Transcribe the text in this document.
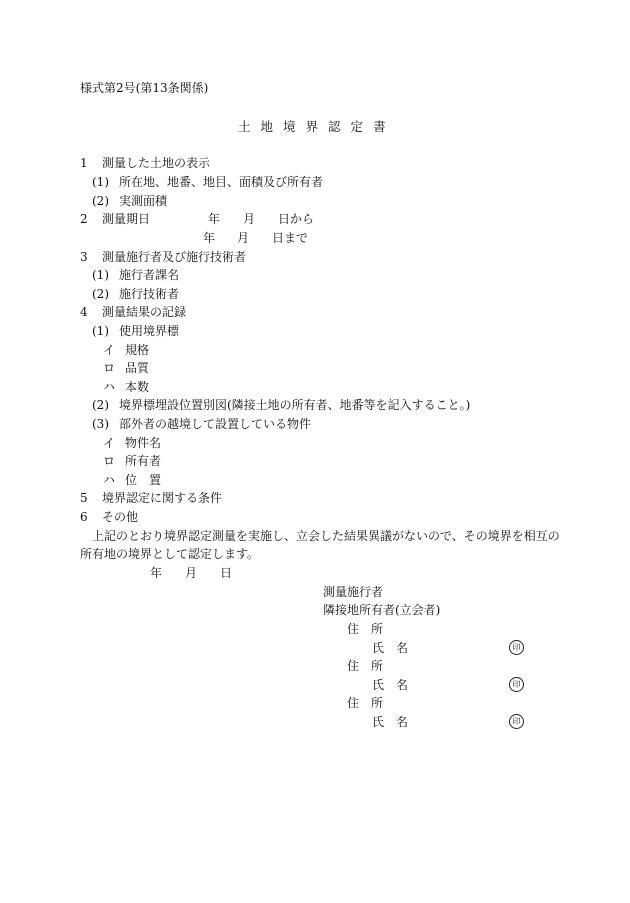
様式第2号(第13条関係)
土地境界認定書
1 測量した土地の表示
(1) 所在地、地番、地目、面積及び所有者
(2) 実測面積
2 測量期日	年 月 日から
年 月 日まで
3 測量施行者及び施行技術者
(1) 施行者課名
(2) 施行技術者
4 測量結果の記録
(1) 使用境界標
イ 規格
ロ 品質
ハ 本数
(2) 境界標埋設位置別図(隣接土地の所有者、地番等を記入すること。)
(3) 部外者の越境して設置している物件
イ 物件名
ロ 所有者
ハ 位　置
5 境界認定に関する条件
6 その他
上記のとおり境界認定測量を実施し、立会した結果異議がないので、その境界を相互の
所有地の境界として認定します。
年 月 日
測量施行者
隣接地所有者(立会者)
住　所
氏　名	印
住　所
氏　名	印
住　所
氏　名	印
